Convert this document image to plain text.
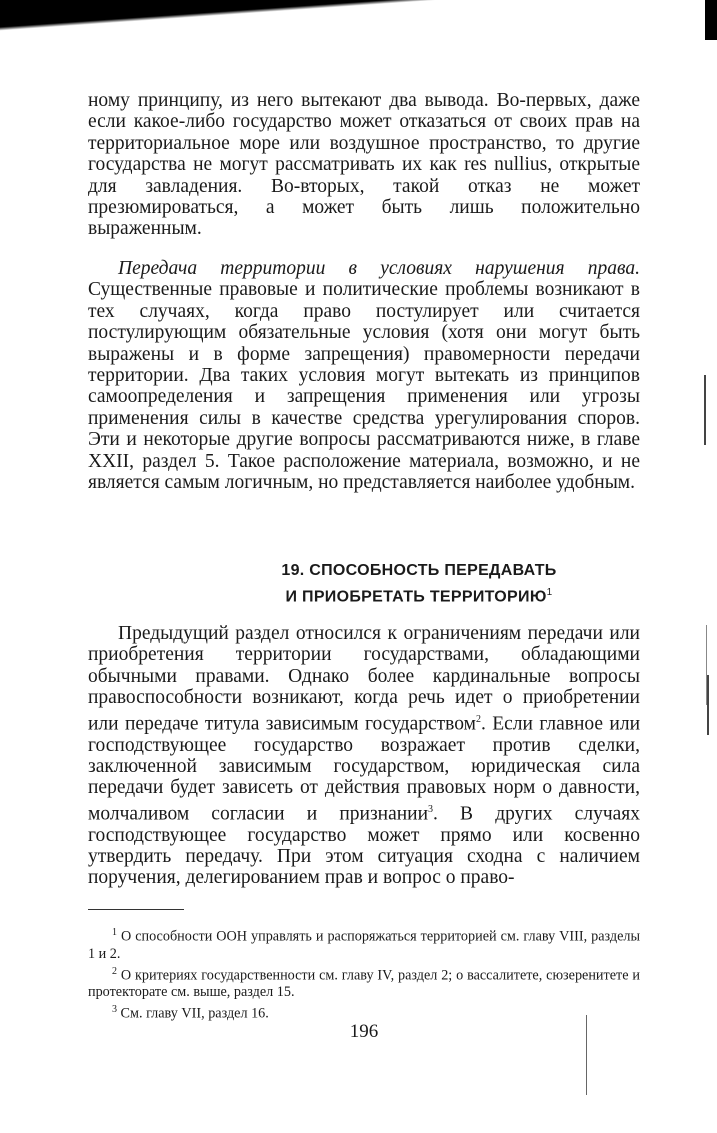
ному принципу, из него вытекают два вывода. Во-первых, даже если какое-либо государство может отказаться от своих прав на территориальное море или воздушное пространство, то другие государства не могут рассматривать их как res nullius, открытые для завладения. Во-вторых, такой отказ не может презюмироваться, а может быть лишь положительно выраженным.

Передача территории в условиях нарушения права. Существенные правовые и политические проблемы возникают в тех случаях, когда право постулирует или считается постулирующим обязательные условия (хотя они могут быть выражены и в форме запрещения) правомерности передачи территории. Два таких условия могут вытекать из принципов самоопределения и запрещения применения или угрозы применения силы в качестве средства урегулирования споров. Эти и некоторые другие вопросы рассматриваются ниже, в главе XXII, раздел 5. Такое расположение материала, возможно, и не является самым логичным, но представляется наиболее удобным.

19. СПОСОБНОСТЬ ПЕРЕДАВАТЬ

И ПРИОБРЕТАТЬ ТЕРРИТОРИЮ$^1$

Предыдущий раздел относился к ограничениям передачи или приобретения территории государствами, обладающими обычными правами. Однако более кардинальные вопросы правоспособности возникают, когда речь идет о приобретении или передаче титула зависимым государством$^2$. Если главное или господствующее государство возражает против сделки, заключенной зависимым государством, юридическая сила передачи будет зависеть от действия правовых норм о давности, молчаливом согласии и признании$^3$. В других случаях господствующее государство может прямо или косвенно утвердить передачу. При этом ситуация сходна с наличием поручения, делегированием прав и вопрос о право-

$^1$ О способности ООН управлять и распоряжаться территорией см. главу VIII, разделы 1 и 2.

$^2$ О критериях государственности см. главу IV, раздел 2; о вассалитете, сюзеренитете и протекторате см. выше, раздел 15.

$^3$ См. главу VII, раздел 16.

196
